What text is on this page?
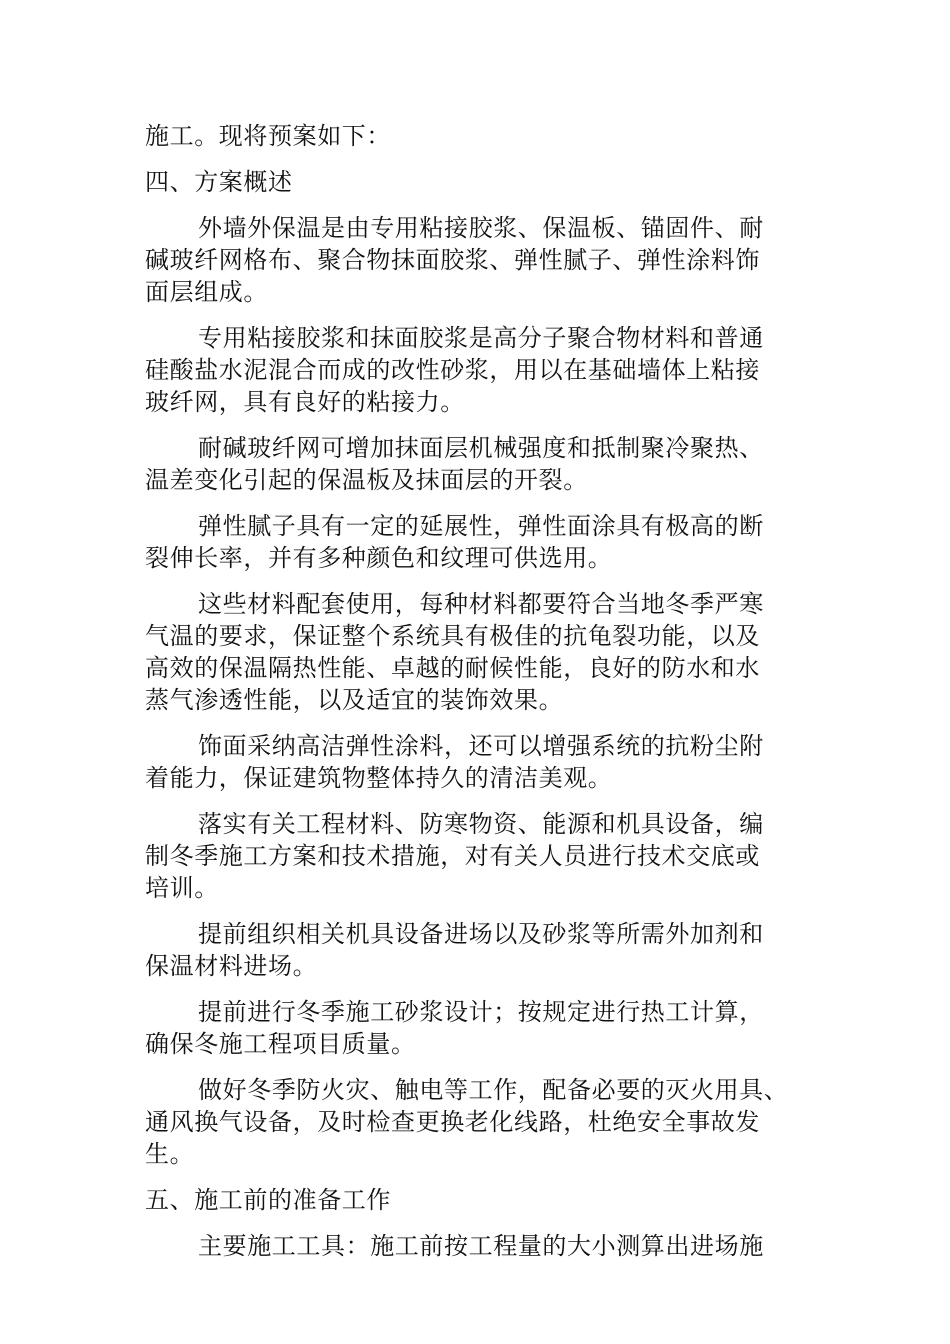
施工。现将预案如下：
四、方案概述
外墙外保温是由专用粘接胶浆、保温板、锚固件、耐
碱玻纤网格布、聚合物抹面胶浆、弹性腻子、弹性涂料饰
面层组成。
专用粘接胶浆和抹面胶浆是高分子聚合物材料和普通
硅酸盐水泥混合而成的改性砂浆，用以在基础墙体上粘接
玻纤网，具有良好的粘接力。
耐碱玻纤网可增加抹面层机械强度和抵制聚冷聚热、
温差变化引起的保温板及抹面层的开裂。
弹性腻子具有一定的延展性，弹性面涂具有极高的断
裂伸长率，并有多种颜色和纹理可供选用。
这些材料配套使用，每种材料都要符合当地冬季严寒
气温的要求，保证整个系统具有极佳的抗龟裂功能，以及
高效的保温隔热性能、卓越的耐候性能，良好的防水和水
蒸气渗透性能，以及适宜的装饰效果。
饰面采纳高洁弹性涂料，还可以增强系统的抗粉尘附
着能力，保证建筑物整体持久的清洁美观。
落实有关工程材料、防寒物资、能源和机具设备，编
制冬季施工方案和技术措施，对有关人员进行技术交底或
培训。
提前组织相关机具设备进场以及砂浆等所需外加剂和
保温材料进场。
提前进行冬季施工砂浆设计；按规定进行热工计算，
确保冬施工程项目质量。
做好冬季防火灾、触电等工作，配备必要的灭火用具、
通风换气设备，及时检查更换老化线路，杜绝安全事故发
生。
五、施工前的准备工作
主要施工工具：施工前按工程量的大小测算出进场施
